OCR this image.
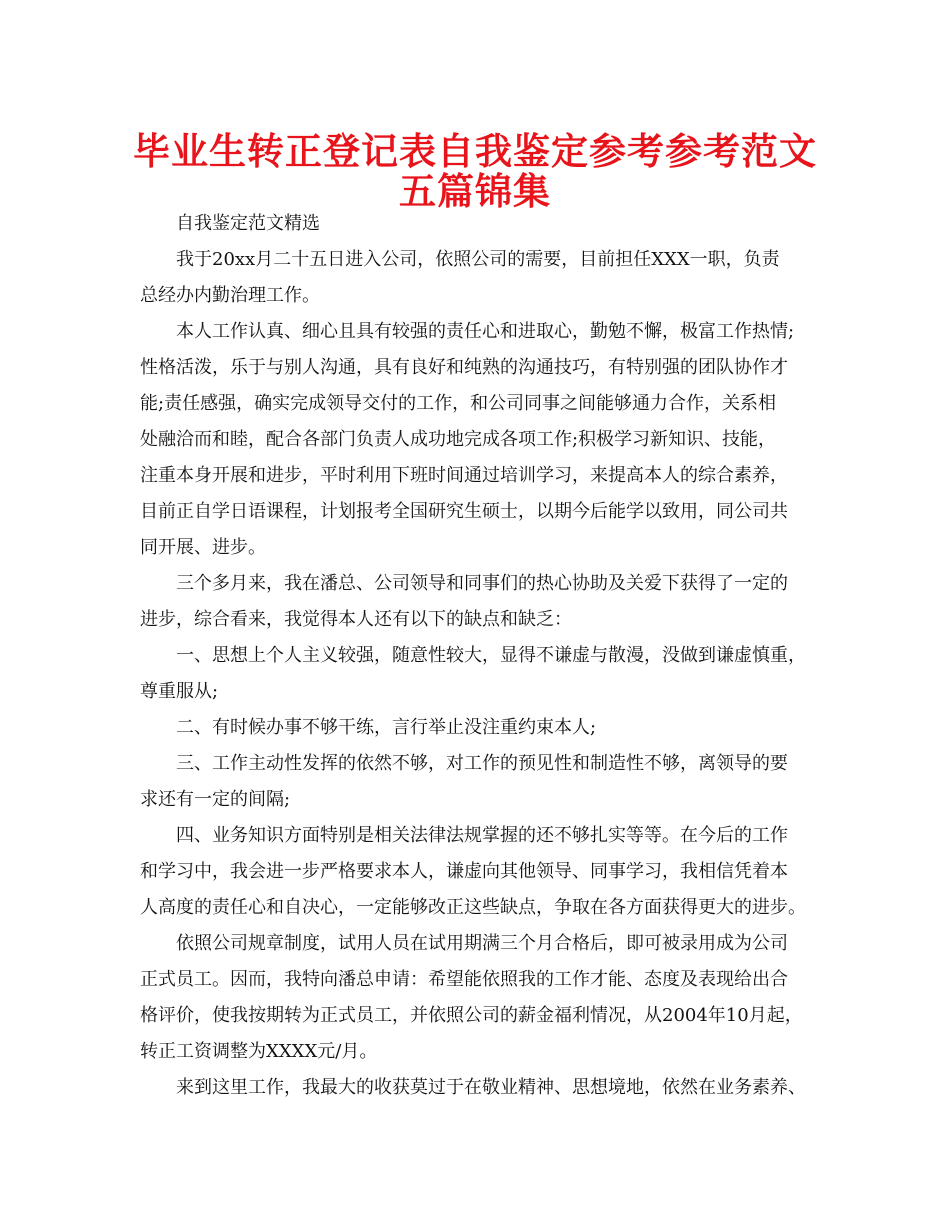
毕业生转正登记表自我鉴定参考参考范文
五篇锦集
自我鉴定范文精选
我于20xx月二十五日进入公司，依照公司的需要，目前担任XXX一职，负责
总经办内勤治理工作。
本人工作认真、细心且具有较强的责任心和进取心，勤勉不懈，极富工作热情;
性格活泼，乐于与别人沟通，具有良好和纯熟的沟通技巧，有特别强的团队协作才
能;责任感强，确实完成领导交付的工作，和公司同事之间能够通力合作，关系相
处融洽而和睦，配合各部门负责人成功地完成各项工作;积极学习新知识、技能，
注重本身开展和进步，平时利用下班时间通过培训学习，来提高本人的综合素养，
目前正自学日语课程，计划报考全国研究生硕士，以期今后能学以致用，同公司共
同开展、进步。
三个多月来，我在潘总、公司领导和同事们的热心协助及关爱下获得了一定的
进步，综合看来，我觉得本人还有以下的缺点和缺乏：
一、思想上个人主义较强，随意性较大，显得不谦虚与散漫，没做到谦虚慎重，
尊重服从;
二、有时候办事不够干练，言行举止没注重约束本人;
三、工作主动性发挥的依然不够，对工作的预见性和制造性不够，离领导的要
求还有一定的间隔;
四、业务知识方面特别是相关法律法规掌握的还不够扎实等等。在今后的工作
和学习中，我会进一步严格要求本人，谦虚向其他领导、同事学习，我相信凭着本
人高度的责任心和自决心，一定能够改正这些缺点，争取在各方面获得更大的进步。
依照公司规章制度，试用人员在试用期满三个月合格后，即可被录用成为公司
正式员工。因而，我特向潘总申请：希望能依照我的工作才能、态度及表现给出合
格评价，使我按期转为正式员工，并依照公司的薪金福利情况，从2004年10月起，
转正工资调整为XXXX元/月。
来到这里工作，我最大的收获莫过于在敬业精神、思想境地，依然在业务素养、
